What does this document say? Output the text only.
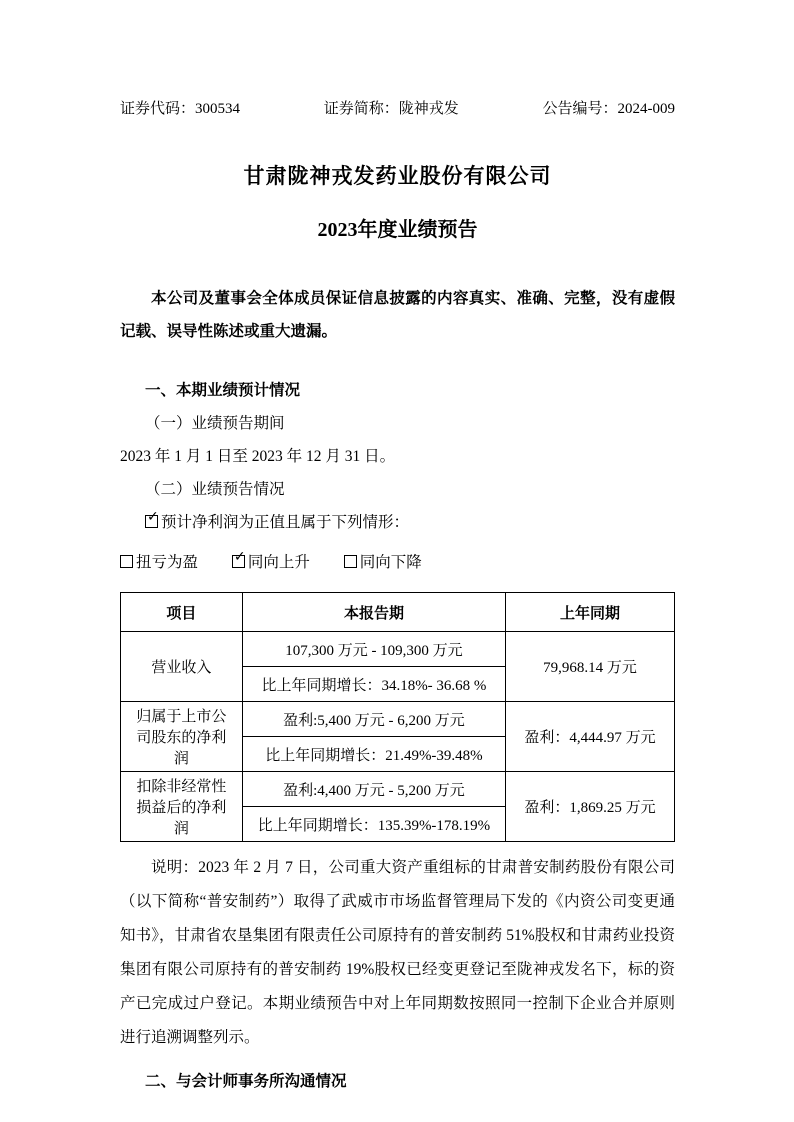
证券代码：300534	证券简称：陇神戎发	公告编号：2024-009
甘肃陇神戎发药业股份有限公司
2023年度业绩预告
本公司及董事会全体成员保证信息披露的内容真实、准确、完整，没有虚假记载、误导性陈述或重大遗漏。
一、本期业绩预计情况
（一）业绩预告期间
2023 年 1 月 1 日至 2023 年 12 月 31 日。
（二）业绩预告情况
✓ 预计净利润为正值且属于下列情形：
扭亏为盈	✓ 同向上升	同向下降
项目	本报告期	上年同期
营业收入	107,300 万元 - 109,300 万元	79,968.14 万元
	比上年同期增长：34.18%- 36.68 %	
归属于上市公司股东的净利润	盈利:5,400 万元 - 6,200 万元	盈利：4,444.97 万元
	比上年同期增长：21.49%-39.48%	
扣除非经常性损益后的净利润	盈利:4,400 万元 - 5,200 万元	盈利：1,869.25 万元
	比上年同期增长：135.39%-178.19%	
说明：2023 年 2 月 7 日，公司重大资产重组标的甘肃普安制药股份有限公司（以下简称“普安制药”）取得了武威市市场监督管理局下发的《内资公司变更通知书》，甘肃省农垦集团有限责任公司原持有的普安制药 51%股权和甘肃药业投资集团有限公司原持有的普安制药 19%股权已经变更登记至陇神戎发名下，标的资产已完成过户登记。本期业绩预告中对上年同期数按照同一控制下企业合并原则进行追溯调整列示。
二、与会计师事务所沟通情况
